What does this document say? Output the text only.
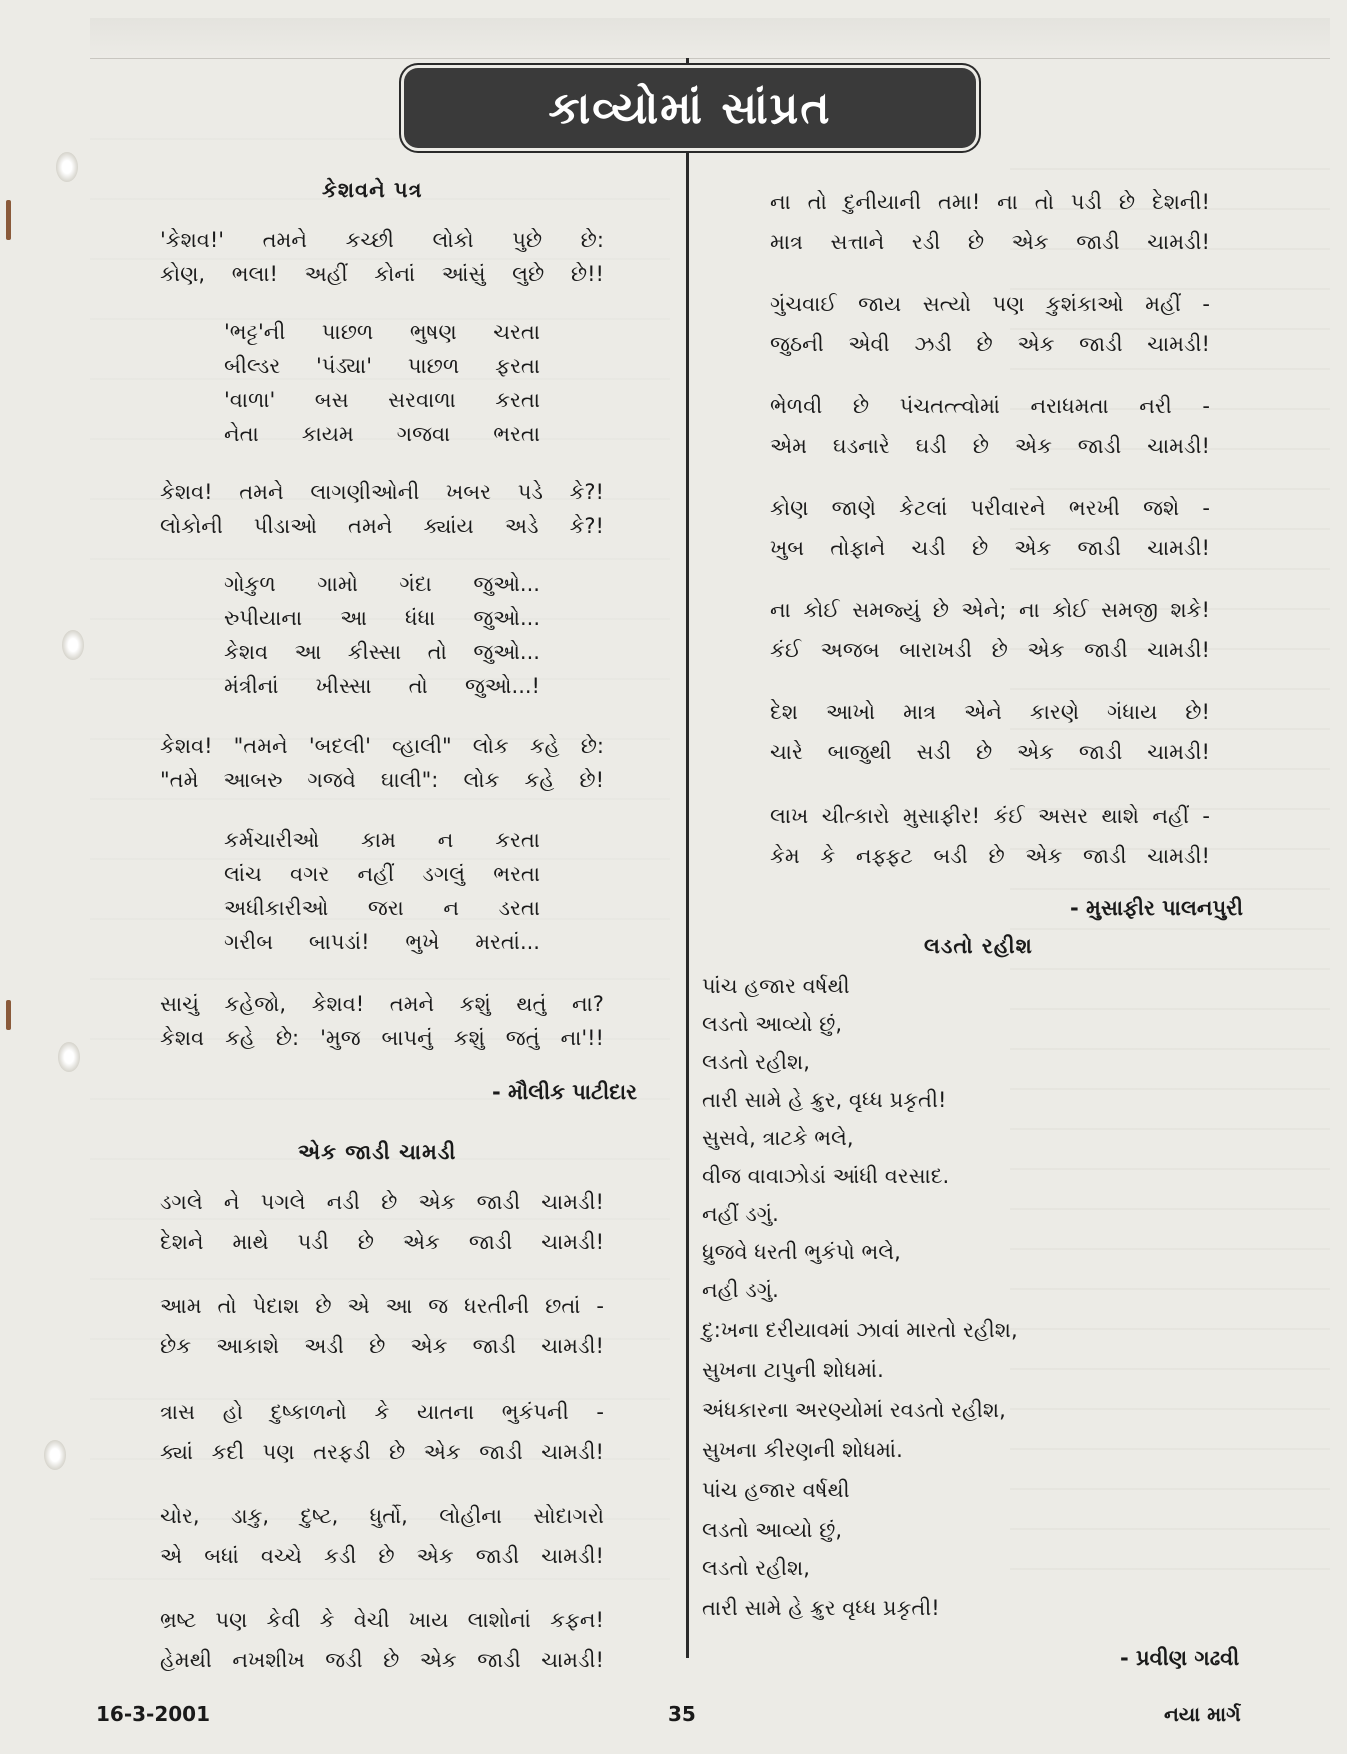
કાવ્યોમાં સાંપ્રત
કેશવને પત્ર
'કેશવ!' તમને કચ્છી લોકો પુછે છે:
કોણ, ભલા! અહીં કોનાં આંસું લુછે છે!!
'ભટ્ટ'ની પાછળ ભુષણ ચરતા
બીલ્ડર 'પંડ્યા' પાછળ ફરતા
'વાળા' બસ સરવાળા કરતા
નેતા કાયમ ગજવા ભરતા
કેશવ! તમને લાગણીઓની ખબર પડે કે?!
લોકોની પીડાઓ તમને ક્યાંય અડે કે?!
ગોકુળ ગામો ગંદા જુઓ...
રુપીયાના આ ધંધા જુઓ...
કેશવ આ કીસ્સા તો જુઓ...
મંત્રીનાં ખીસ્સા તો જુઓ...!
કેશવ! "તમને 'બદલી' વ્હાલી" લોક કહે છે:
"તમે આબરુ ગજવે ઘાલી": લોક કહે છે!
કર્મચારીઓ કામ ન કરતા
લાંચ વગર નહીં ડગલું ભરતા
અધીકારીઓ જરા ન ડરતા
ગરીબ બાપડાં! ભુખે મરતાં...
સાચું કહેજો, કેશવ! તમને કશું થતું ના?
કેશવ કહે છે: 'મુજ બાપનું કશું જતું ના'!!
- મૌલીક પાટીદાર
એક જાડી ચામડી
ડગલે ને પગલે નડી છે એક જાડી ચામડી!
દેશને માથે પડી છે એક જાડી ચામડી!
આમ તો પેદાશ છે એ આ જ ધરતીની છતાં -
છેક આકાશે અડી છે એક જાડી ચામડી!
ત્રાસ હો દુષ્કાળનો કે યાતના ભુકંપની -
ક્યાં કદી પણ તરફડી છે એક જાડી ચામડી!
ચોર, ડાકુ, દુષ્ટ, ધુર્તો, લોહીના સોદાગરો
એ બધાં વચ્ચે કડી છે એક જાડી ચામડી!
ભ્રષ્ટ પણ કેવી કે વેચી ખાય લાશોનાં કફન!
હેમથી નખશીખ જડી છે એક જાડી ચામડી!
ના તો દુનીયાની તમા! ના તો પડી છે દેશની!
માત્ર સત્તાને રડી છે એક જાડી ચામડી!
ગુંચવાઈ જાય સત્યો પણ કુશંકાઓ મહીં -
જુઠની એવી ઝડી છે એક જાડી ચામડી!
ભેળવી છે પંચતત્ત્વોમાં નરાધમતા નરી -
એમ ઘડનારે ઘડી છે એક જાડી ચામડી!
કોણ જાણે કેટલાં પરીવારને ભરખી જશે -
ખુબ તોફાને ચડી છે એક જાડી ચામડી!
ના કોઈ સમજ્યું છે એને; ના કોઈ સમજી શકે!
કંઈ અજબ બારાખડી છે એક જાડી ચામડી!
દેશ આખો માત્ર એને કારણે ગંધાય છે!
ચારે બાજુથી સડી છે એક જાડી ચામડી!
લાખ ચીત્કારો મુસાફીર! કંઈ અસર થાશે નહીં -
કેમ કે નફ્ફટ બડી છે એક જાડી ચામડી!
- મુસાફીર પાલનપુરી
લડતો રહીશ
પાંચ હજાર વર્ષથી
લડતો આવ્યો છું,
લડતો રહીશ,
તારી સામે હે ક્રુર, વૃધ્ધ પ્રકૃતી!
સુસવે, ત્રાટકે ભલે,
વીજ વાવાઝોડાં આંધી વરસાદ.
નહીં ડગું.
ધ્રુજવે ધરતી ભુકંપો ભલે,
નહી ડગું.
દુ:ખના દરીયાવમાં ઝાવાં મારતો રહીશ,
સુખના ટાપુની શોધમાં.
અંધકારના અરણ્યોમાં રવડતો રહીશ,
સુખના કીરણની શોધમાં.
પાંચ હજાર વર્ષથી
લડતો આવ્યો છું,
લડતો રહીશ,
તારી સામે હે ક્રુર વૃધ્ધ પ્રકૃતી!
- પ્રવીણ ગઢવી
16-3-2001	35	નયા માર્ગ
